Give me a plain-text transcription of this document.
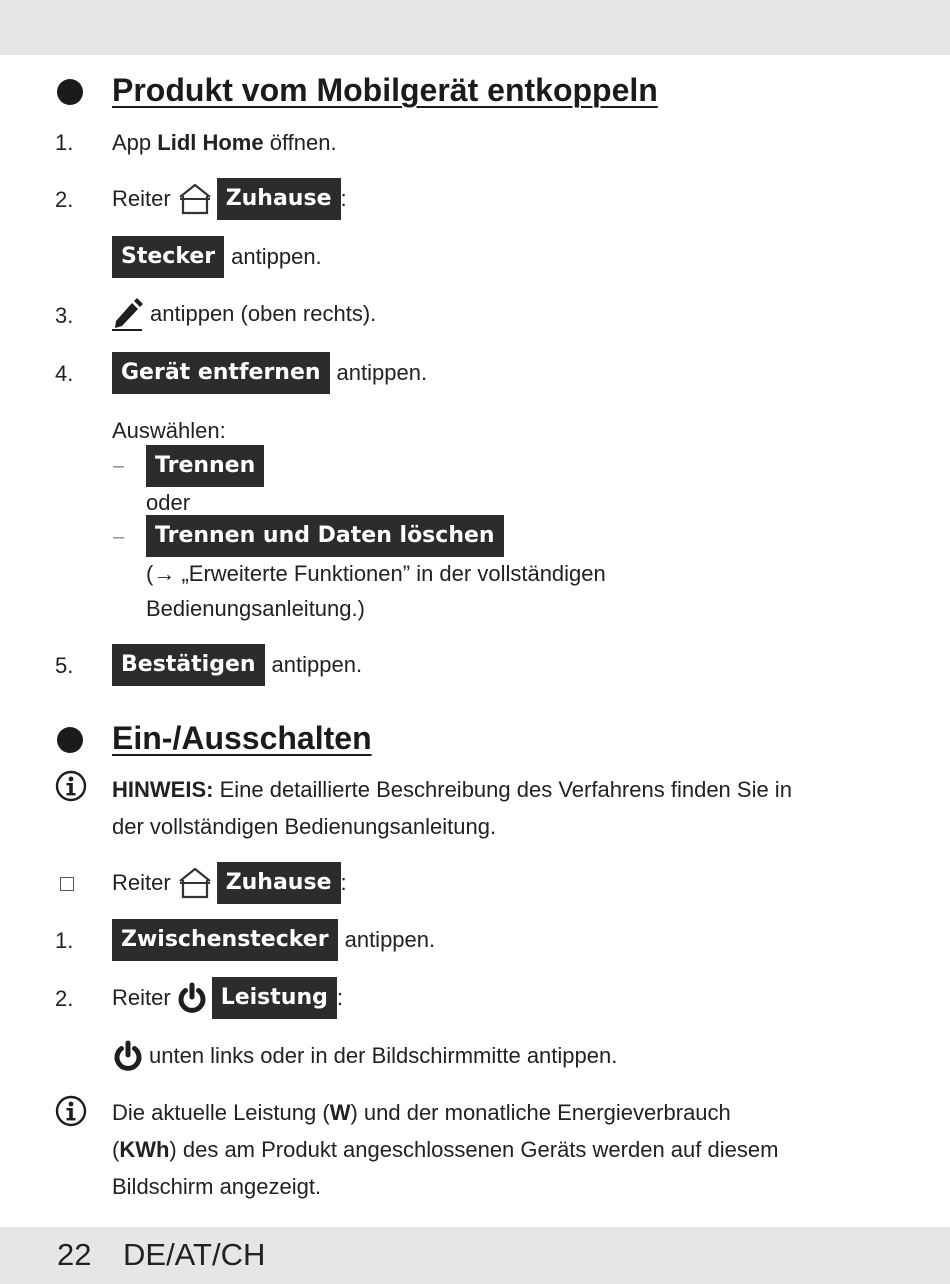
Produkt vom Mobilgerät entkoppeln
1. App Lidl Home öffnen.
2. Reiter	Zuhause :
Stecker antippen.
3.	antippen (oben rechts).
4.	Gerät entfernen antippen.
Auswählen:
–	Trennen
oder
–	Trennen und Daten löschen
(→ „Erweiterte Funktionen” in der vollständigen
Bedienungsanleitung.)
5.	Bestätigen antippen.
Ein-/Ausschalten
HINWEIS: Eine detaillierte Beschreibung des Verfahrens finden Sie in
der vollständigen Bedienungsanleitung.
Reiter	Zuhause :
1.	Zwischenstecker antippen.
2. Reiter	Leistung :
unten links oder in der Bildschirmmitte antippen.
Die aktuelle Leistung (W) und der monatliche Energieverbrauch
(KWh) des am Produkt angeschlossenen Geräts werden auf diesem
Bildschirm angezeigt.
22 DE/AT/CH
